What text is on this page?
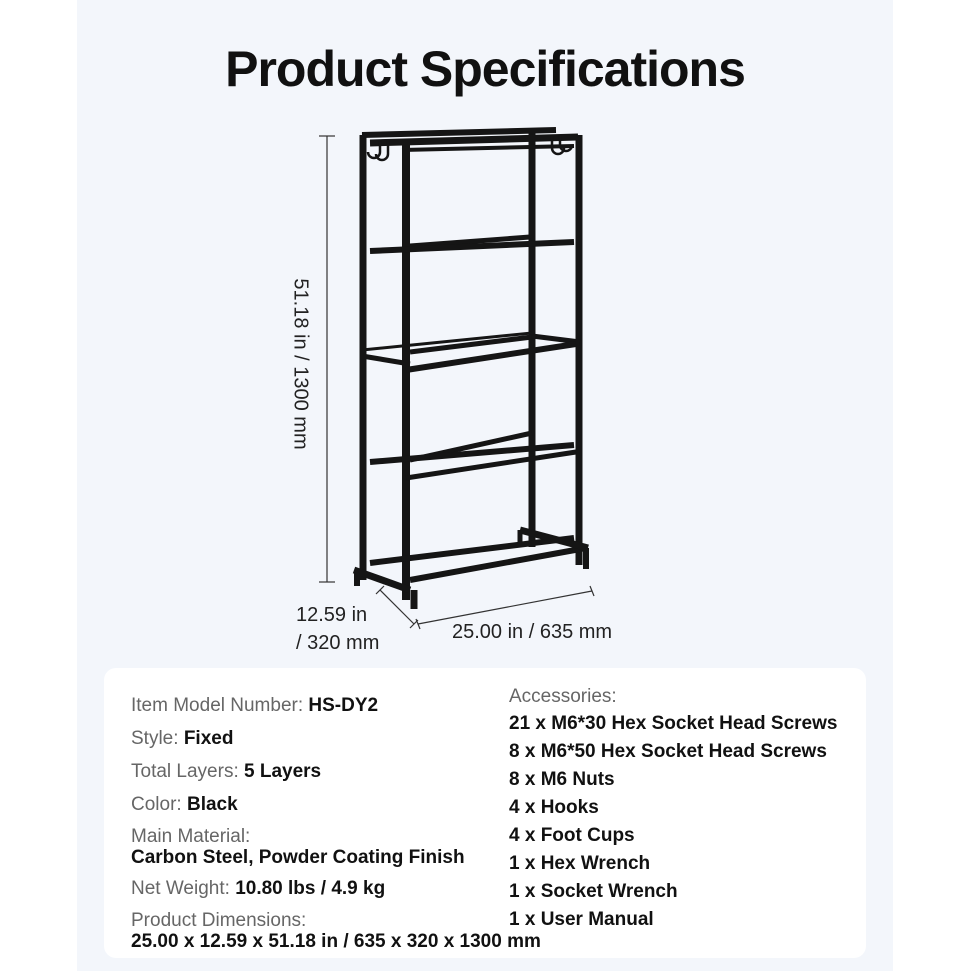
Product Specifications
51.18 in / 1300 mm
12.59 in
/ 320 mm	25.00 in / 635 mm
Item Model Number: HS-DY2
Style: Fixed
Total Layers: 5 Layers
Color: Black
Main Material:
Carbon Steel, Powder Coating Finish
Net Weight: 10.80 lbs / 4.9 kg
Product Dimensions:
25.00 x 12.59 x 51.18 in / 635 x 320 x 1300 mm
Accessories:
21 x M6*30 Hex Socket Head Screws
8 x M6*50 Hex Socket Head Screws
8 x M6 Nuts
4 x Hooks
4 x Foot Cups
1 x Hex Wrench
1 x Socket Wrench
1 x User Manual
